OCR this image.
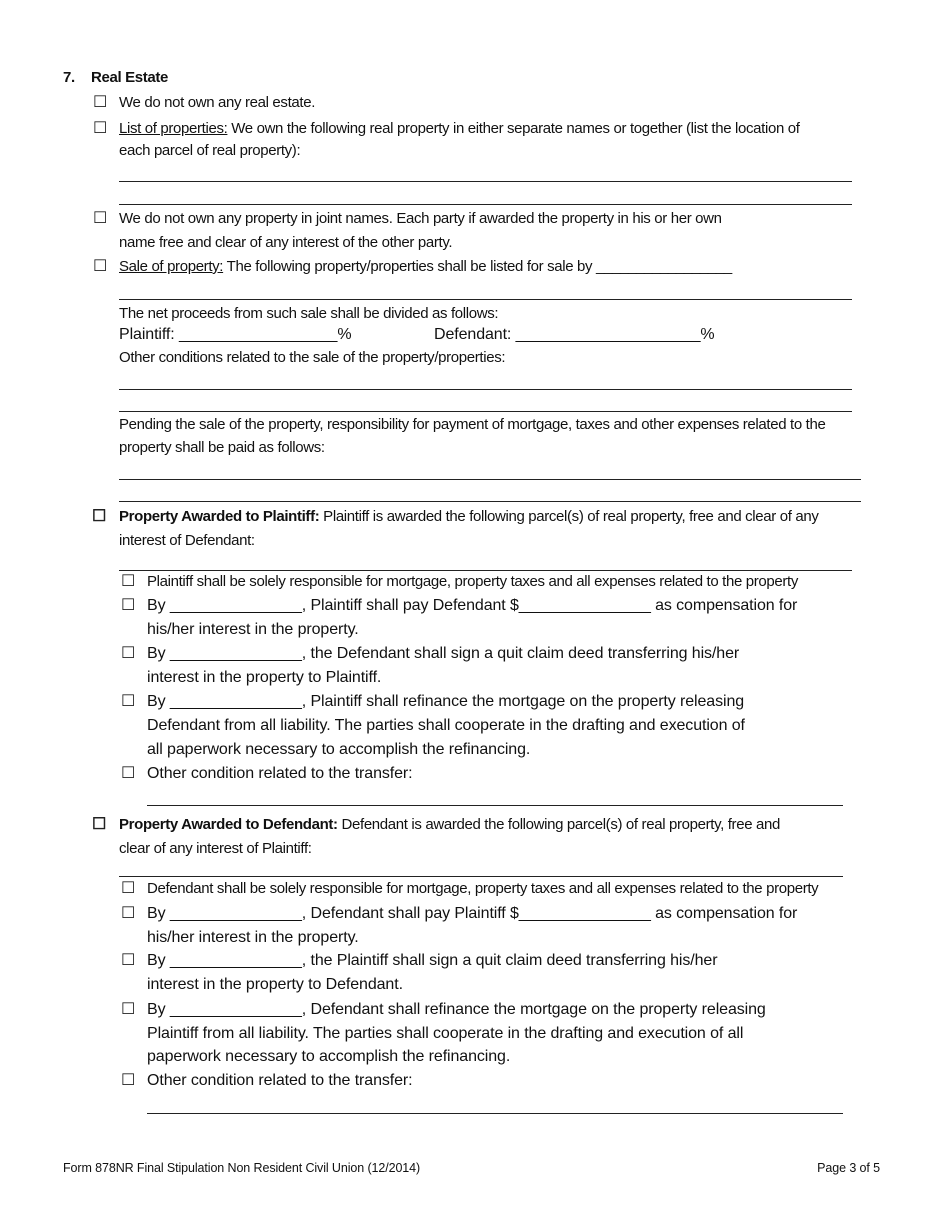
7. Real Estate
☐ We do not own any real estate.
☐ List of properties: We own the following real property in either separate names or together (list the location of
each parcel of real property):
☐ We do not own any property in joint names. Each party if awarded the property in his or her own
name free and clear of any interest of the other party.
☐ Sale of property: The following property/properties shall be listed for sale by _________________
The net proceeds from such sale shall be divided as follows:
Plaintiff: __________________%	Defendant: _____________________%
Other conditions related to the sale of the property/properties:
Pending the sale of the property, responsibility for payment of mortgage, taxes and other expenses related to the
property shall be paid as follows:
☐ Property Awarded to Plaintiff: Plaintiff is awarded the following parcel(s) of real property, free and clear of any
interest of Defendant:
☐ Plaintiff shall be solely responsible for mortgage, property taxes and all expenses related to the property
☐ By _______________, Plaintiff shall pay Defendant $_______________ as compensation for
his/her interest in the property.
☐ By _______________, the Defendant shall sign a quit claim deed transferring his/her
interest in the property to Plaintiff.
☐ By _______________, Plaintiff shall refinance the mortgage on the property releasing
Defendant from all liability. The parties shall cooperate in the drafting and execution of
all paperwork necessary to accomplish the refinancing.
☐ Other condition related to the transfer:
☐ Property Awarded to Defendant: Defendant is awarded the following parcel(s) of real property, free and
clear of any interest of Plaintiff:
☐ Defendant shall be solely responsible for mortgage, property taxes and all expenses related to the property
☐ By _______________, Defendant shall pay Plaintiff $_______________ as compensation for
his/her interest in the property.
☐ By _______________, the Plaintiff shall sign a quit claim deed transferring his/her
interest in the property to Defendant.
☐ By _______________, Defendant shall refinance the mortgage on the property releasing
Plaintiff from all liability. The parties shall cooperate in the drafting and execution of all
paperwork necessary to accomplish the refinancing.
☐ Other condition related to the transfer:
Form 878NR Final Stipulation Non Resident Civil Union (12/2014)	Page 3 of 5
